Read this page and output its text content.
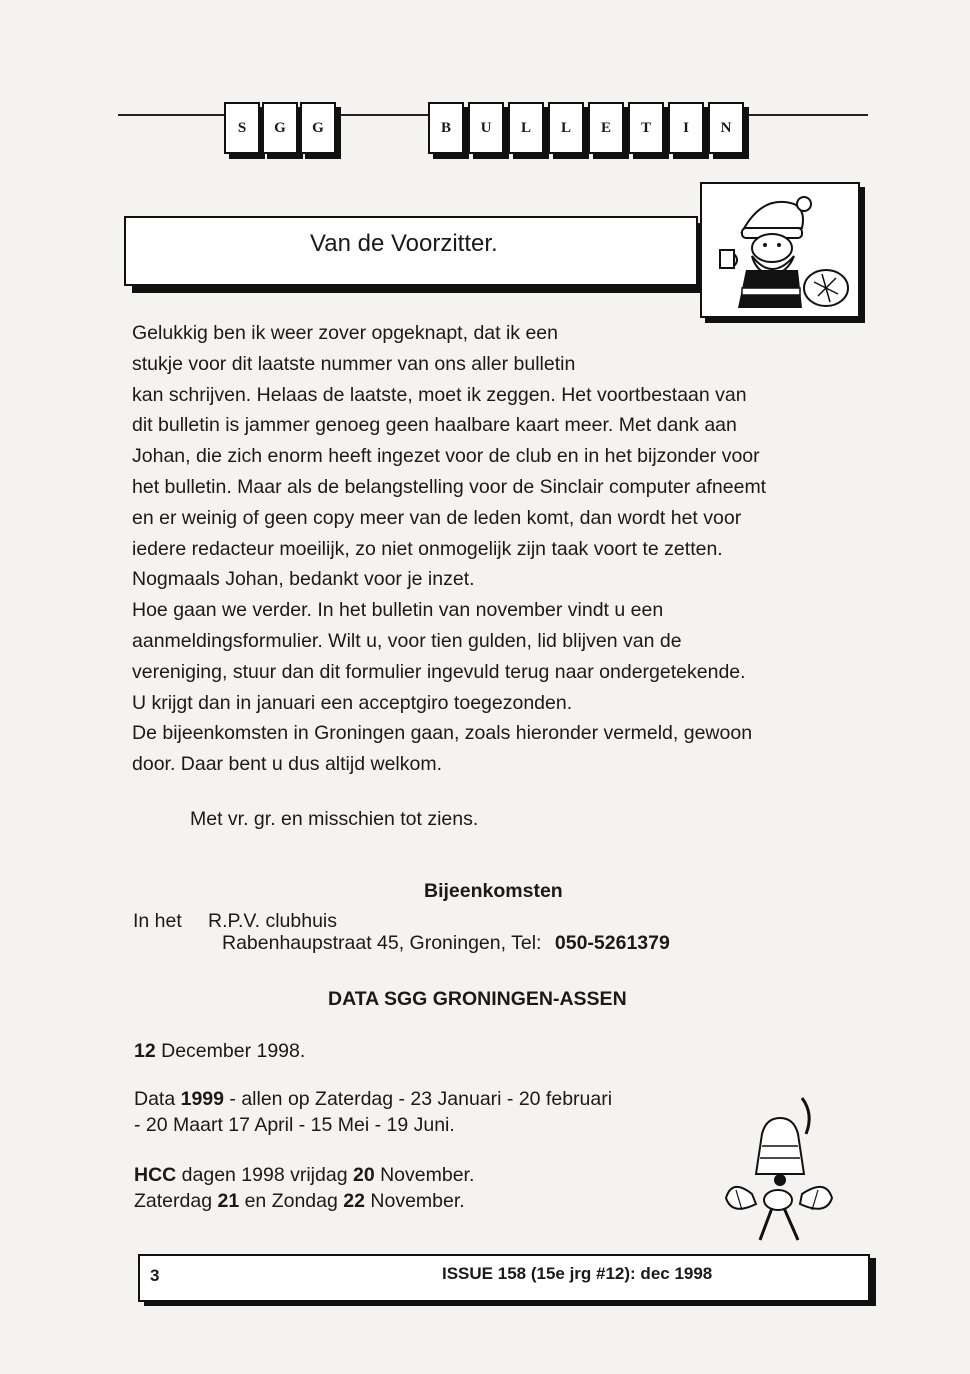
S	G	G	B	U	L	L	E	T	I	N
Van de Voorzitter.

Gelukkig ben ik weer zover opgeknapt, dat ik een

stukje voor dit laatste nummer van ons aller bulletin

kan schrijven. Helaas de laatste, moet ik zeggen. Het voortbestaan van

dit bulletin is jammer genoeg geen haalbare kaart meer. Met dank aan

Johan, die zich enorm heeft ingezet voor de club en in het bijzonder voor

het bulletin. Maar als de belangstelling voor de Sinclair computer afneemt

en er weinig of geen copy meer van de leden komt, dan wordt het voor

iedere redacteur moeilijk, zo niet onmogelijk zijn taak voort te zetten.

Nogmaals Johan, bedankt voor je inzet.

Hoe gaan we verder. In het bulletin van november vindt u een

aanmeldingsformulier. Wilt u, voor tien gulden, lid blijven van de

vereniging, stuur dan dit formulier ingevuld terug naar ondergetekende.

U krijgt dan in januari een acceptgiro toegezonden.

De bijeenkomsten in Groningen gaan, zoals hieronder vermeld, gewoon

door. Daar bent u dus altijd welkom.

Met vr. gr. en misschien tot ziens.
Bijeenkomsten
In het R.P.V. clubhuis
Rabenhaupstraat 45, Groningen, Tel: 050-5261379
DATA SGG GRONINGEN-ASSEN
12 December 1998.
Data 1999 - allen op Zaterdag - 23 Januari - 20 februari
- 20 Maart 17 April - 15 Mei - 19 Juni.
HCC dagen 1998 vrijdag 20 November.
Zaterdag 21 en Zondag 22 November.
3	ISSUE 158 (15e jrg #12): dec 1998
